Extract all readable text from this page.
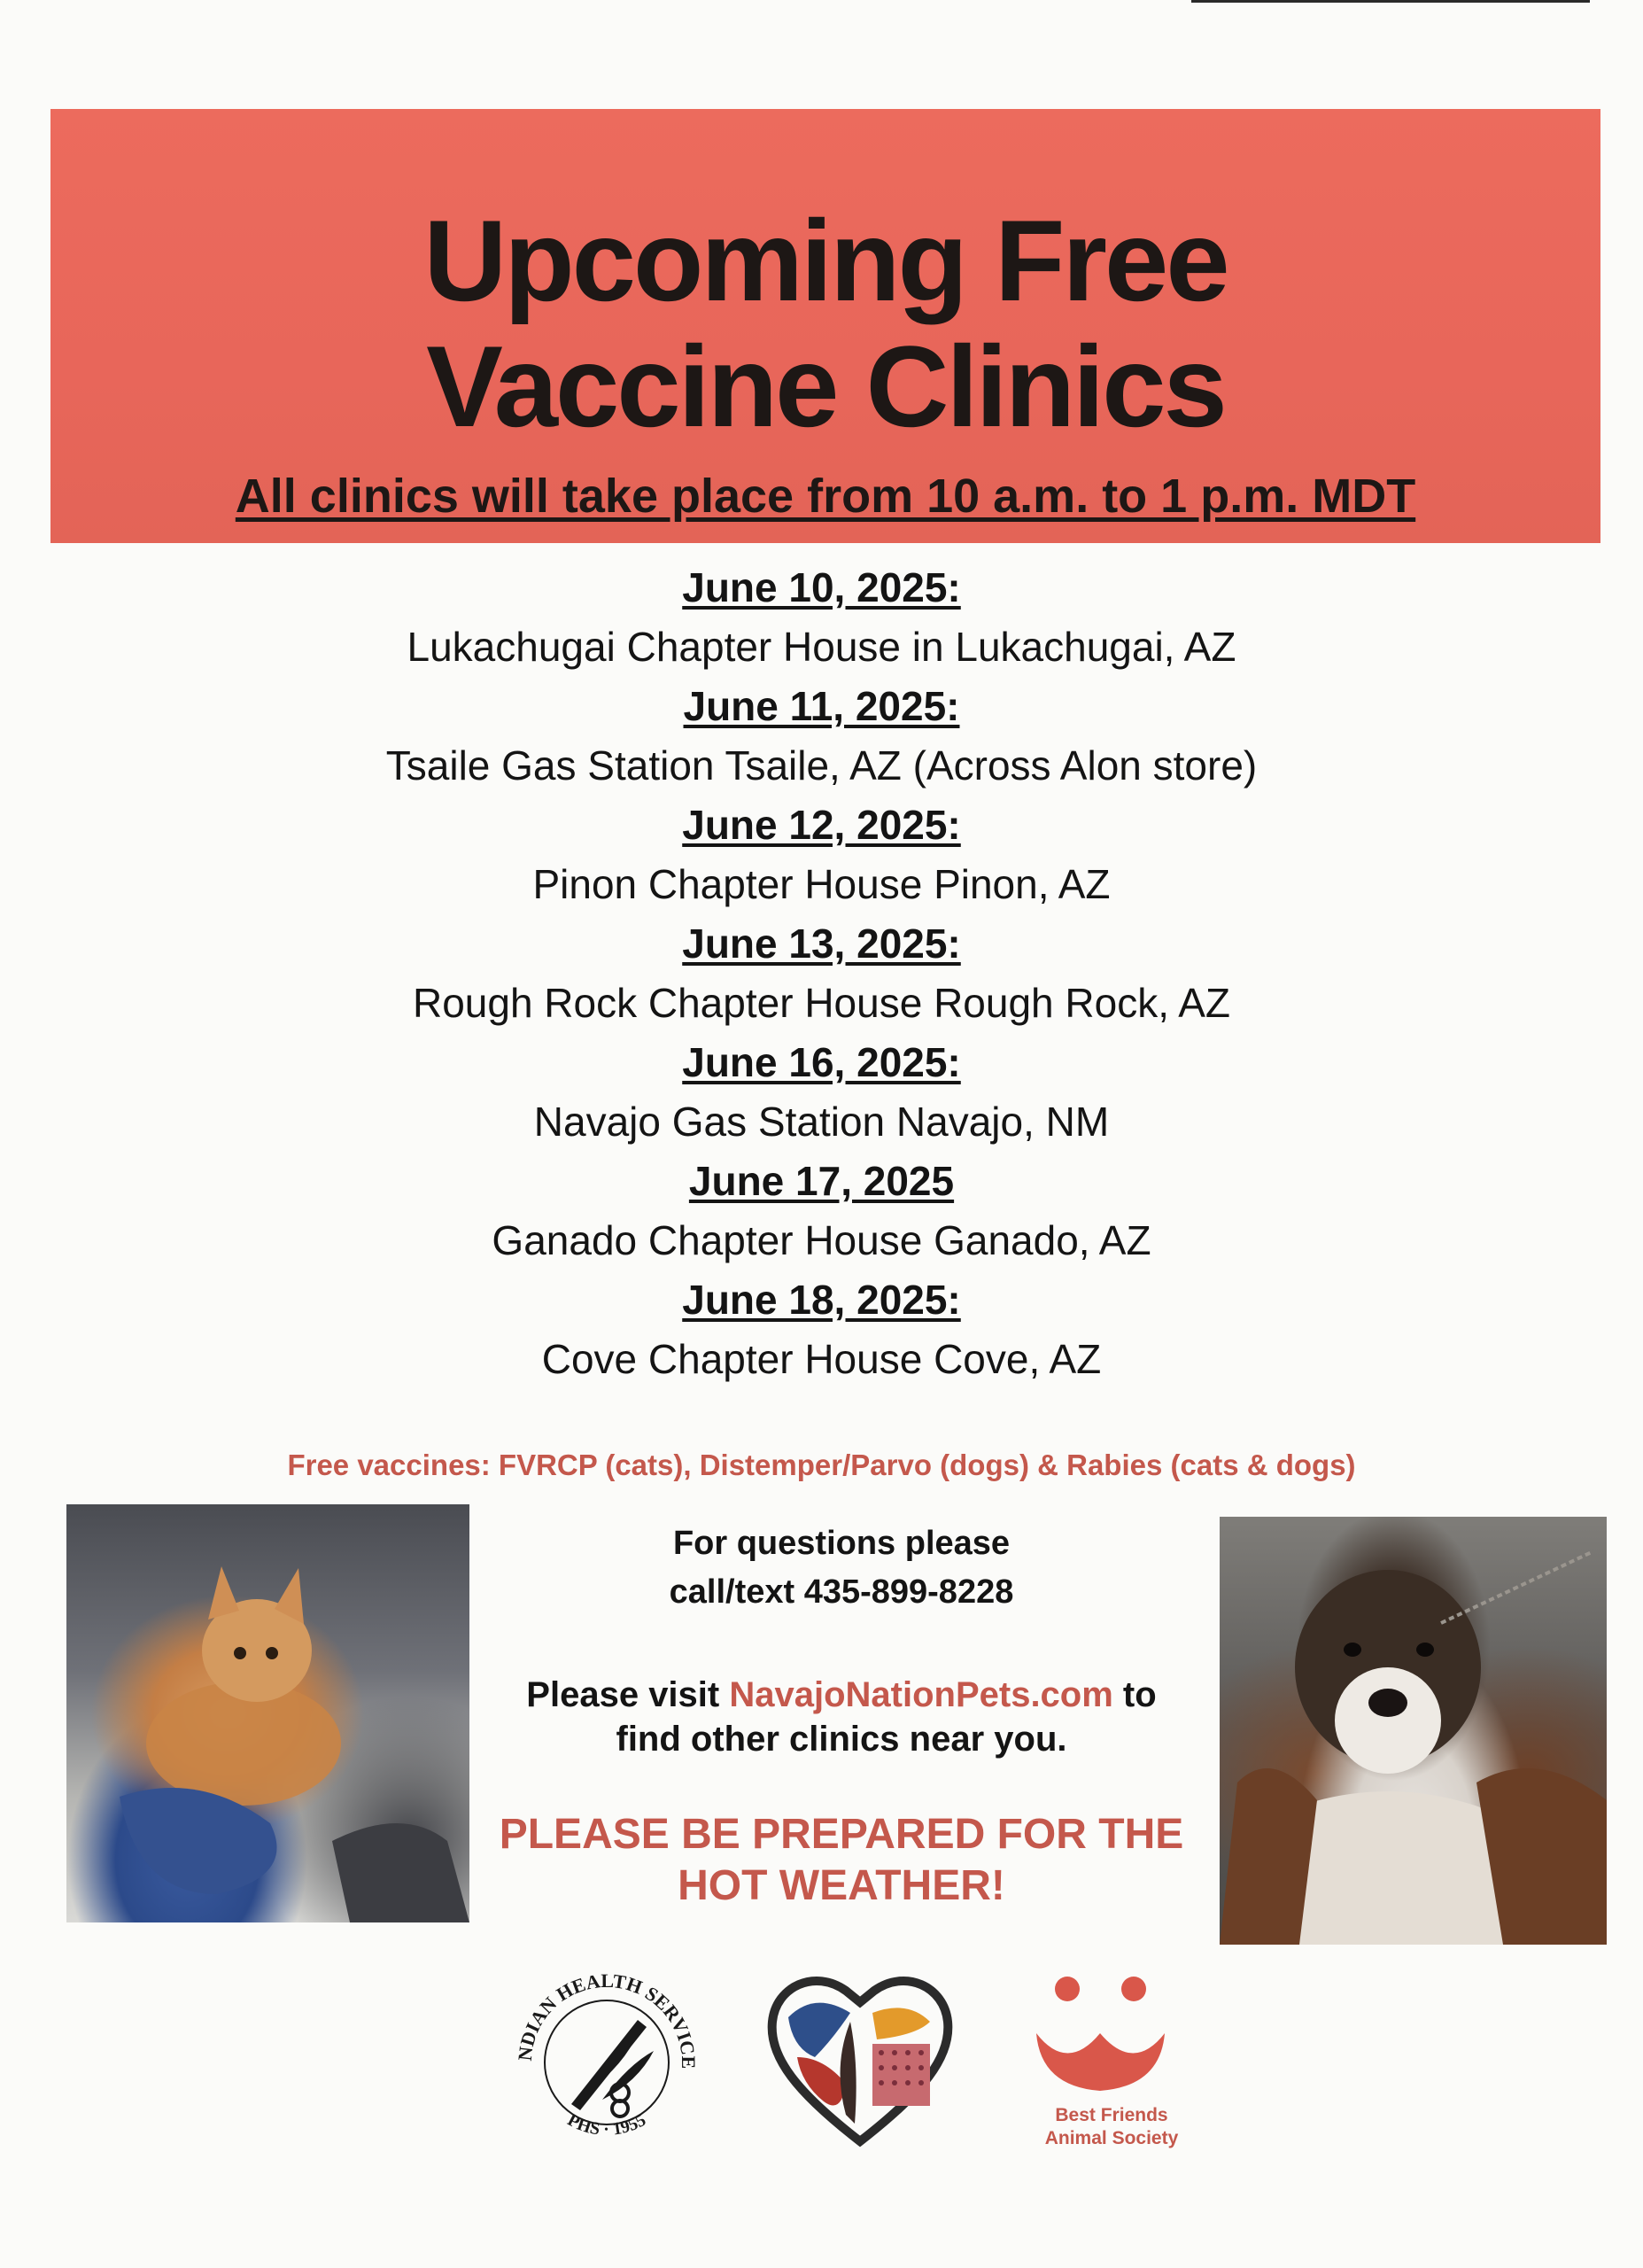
Upcoming Free
Vaccine Clinics
All clinics will take place from 10 a.m. to 1 p.m. MDT
June 10, 2025:
Lukachugai Chapter House in Lukachugai, AZ
June 11, 2025:
Tsaile Gas Station Tsaile, AZ (Across Alon store)
June 12, 2025:
Pinon Chapter House Pinon, AZ
June 13, 2025:
Rough Rock Chapter House Rough Rock, AZ
June 16, 2025:
Navajo Gas Station Navajo, NM
June 17, 2025
Ganado Chapter House Ganado, AZ
June 18, 2025:
Cove Chapter House Cove, AZ
Free vaccines: FVRCP (cats), Distemper/Parvo (dogs) & Rabies (cats & dogs)
For questions please
call/text 435-899-8228
Please visit NavajoNationPets.com to
find other clinics near you.
PLEASE BE PREPARED FOR THE
HOT WEATHER!
NDIAN HEALTH SERVICE
PHS · 1955	Best Friends
Animal Society
